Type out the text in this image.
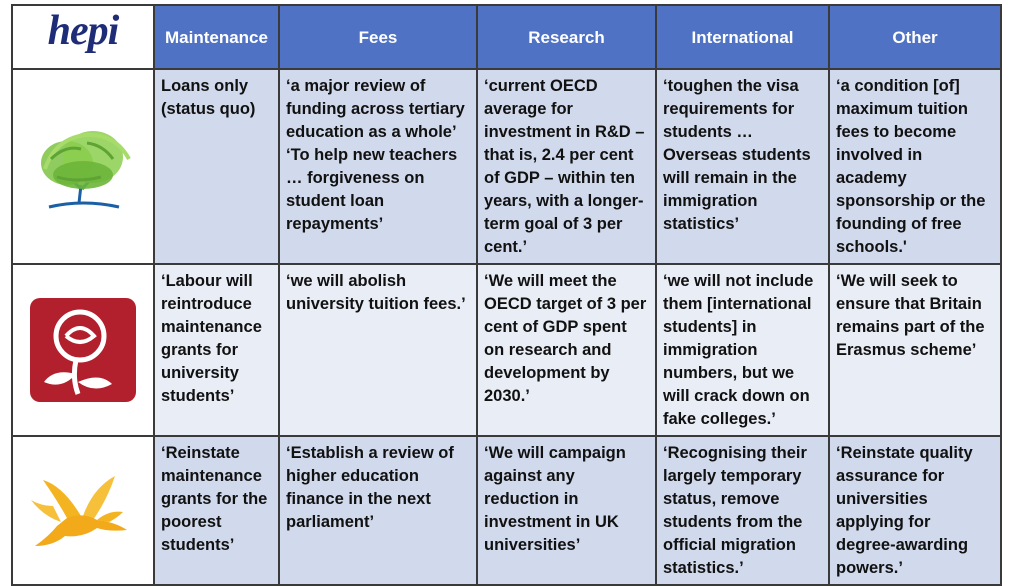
hepi	Maintenance	Fees	Research	International	Other

Loans only (status quo)	‘a major review of funding across tertiary education as a whole’ ‘To help new teachers … forgiveness on student loan repayments’	‘current OECD average for investment in R&D – that is, 2.4 per cent of GDP – within ten years, with a longer-term goal of 3 per cent.’	‘toughen the visa requirements for students … Overseas students will remain in the immigration statistics’	‘a condition [of] maximum tuition fees to become involved in academy sponsorship or the founding of free schools.'

‘Labour will reintroduce maintenance grants for university students’	‘we will abolish university tuition fees.’	‘We will meet the OECD target of 3 per cent of GDP spent on research and development by 2030.’	‘we will not include them [international students] in immigration numbers, but we will crack down on fake colleges.’	‘We will seek to ensure that Britain remains part of the Erasmus scheme’

‘Reinstate maintenance grants for the poorest students’	‘Establish a review of higher education finance in the next parliament’	‘We will campaign against any reduction in investment in UK universities’	‘Recognising their largely temporary status, remove students from the official migration statistics.’	‘Reinstate quality assurance for universities applying for degree-awarding powers.’
